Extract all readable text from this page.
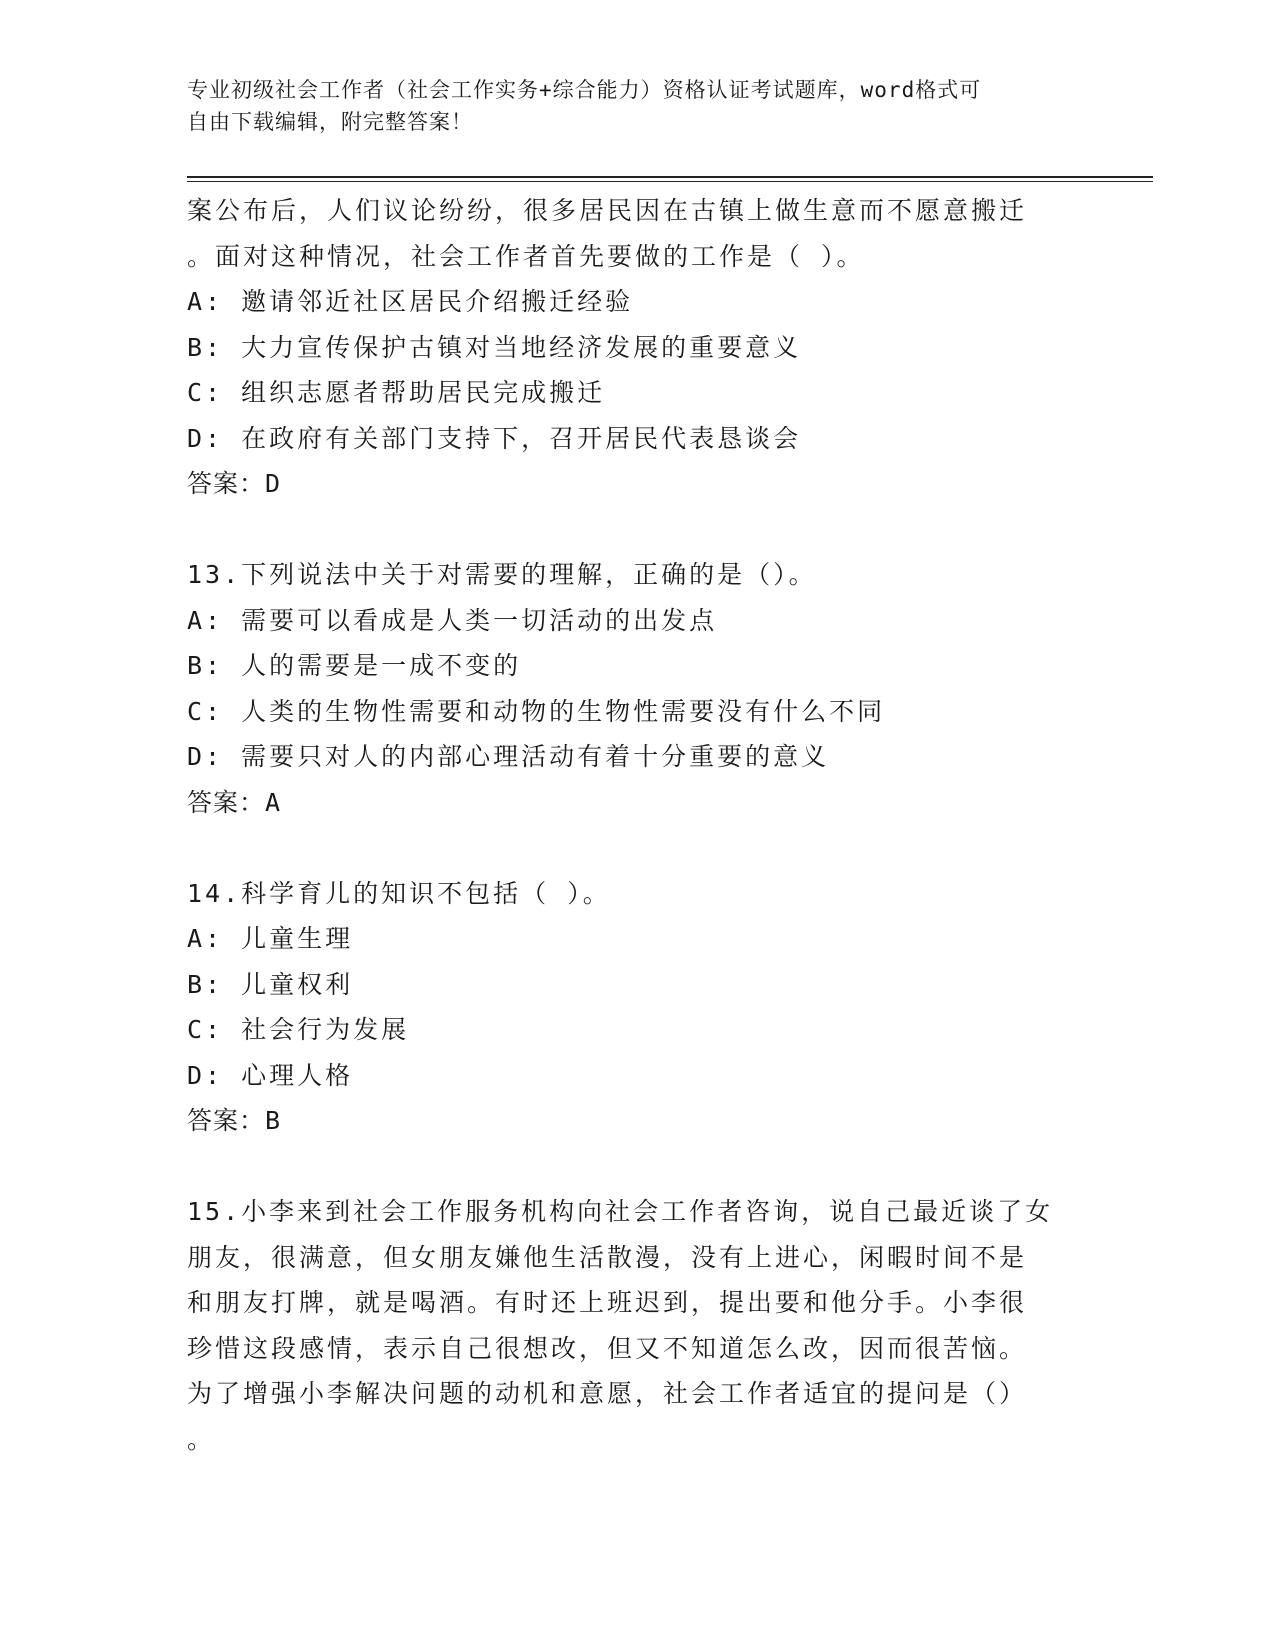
专业初级社会工作者（社会工作实务+综合能力）资格认证考试题库，word格式可
自由下载编辑，附完整答案！
案公布后，人们议论纷纷，很多居民因在古镇上做生意而不愿意搬迁
。面对这种情况，社会工作者首先要做的工作是（ ）。
A: 邀请邻近社区居民介绍搬迁经验
B: 大力宣传保护古镇对当地经济发展的重要意义
C: 组织志愿者帮助居民完成搬迁
D: 在政府有关部门支持下，召开居民代表恳谈会
答案：D
13.下列说法中关于对需要的理解，正确的是（）。
A: 需要可以看成是人类一切活动的出发点
B: 人的需要是一成不变的
C: 人类的生物性需要和动物的生物性需要没有什么不同
D: 需要只对人的内部心理活动有着十分重要的意义
答案：A
14.科学育儿的知识不包括（ ）。
A: 儿童生理
B: 儿童权利
C: 社会行为发展
D: 心理人格
答案：B
15.小李来到社会工作服务机构向社会工作者咨询，说自己最近谈了女
朋友，很满意，但女朋友嫌他生活散漫，没有上进心，闲暇时间不是
和朋友打牌，就是喝酒。有时还上班迟到，提出要和他分手。小李很
珍惜这段感情，表示自己很想改，但又不知道怎么改，因而很苦恼。
为了增强小李解决问题的动机和意愿，社会工作者适宜的提问是（）
。
